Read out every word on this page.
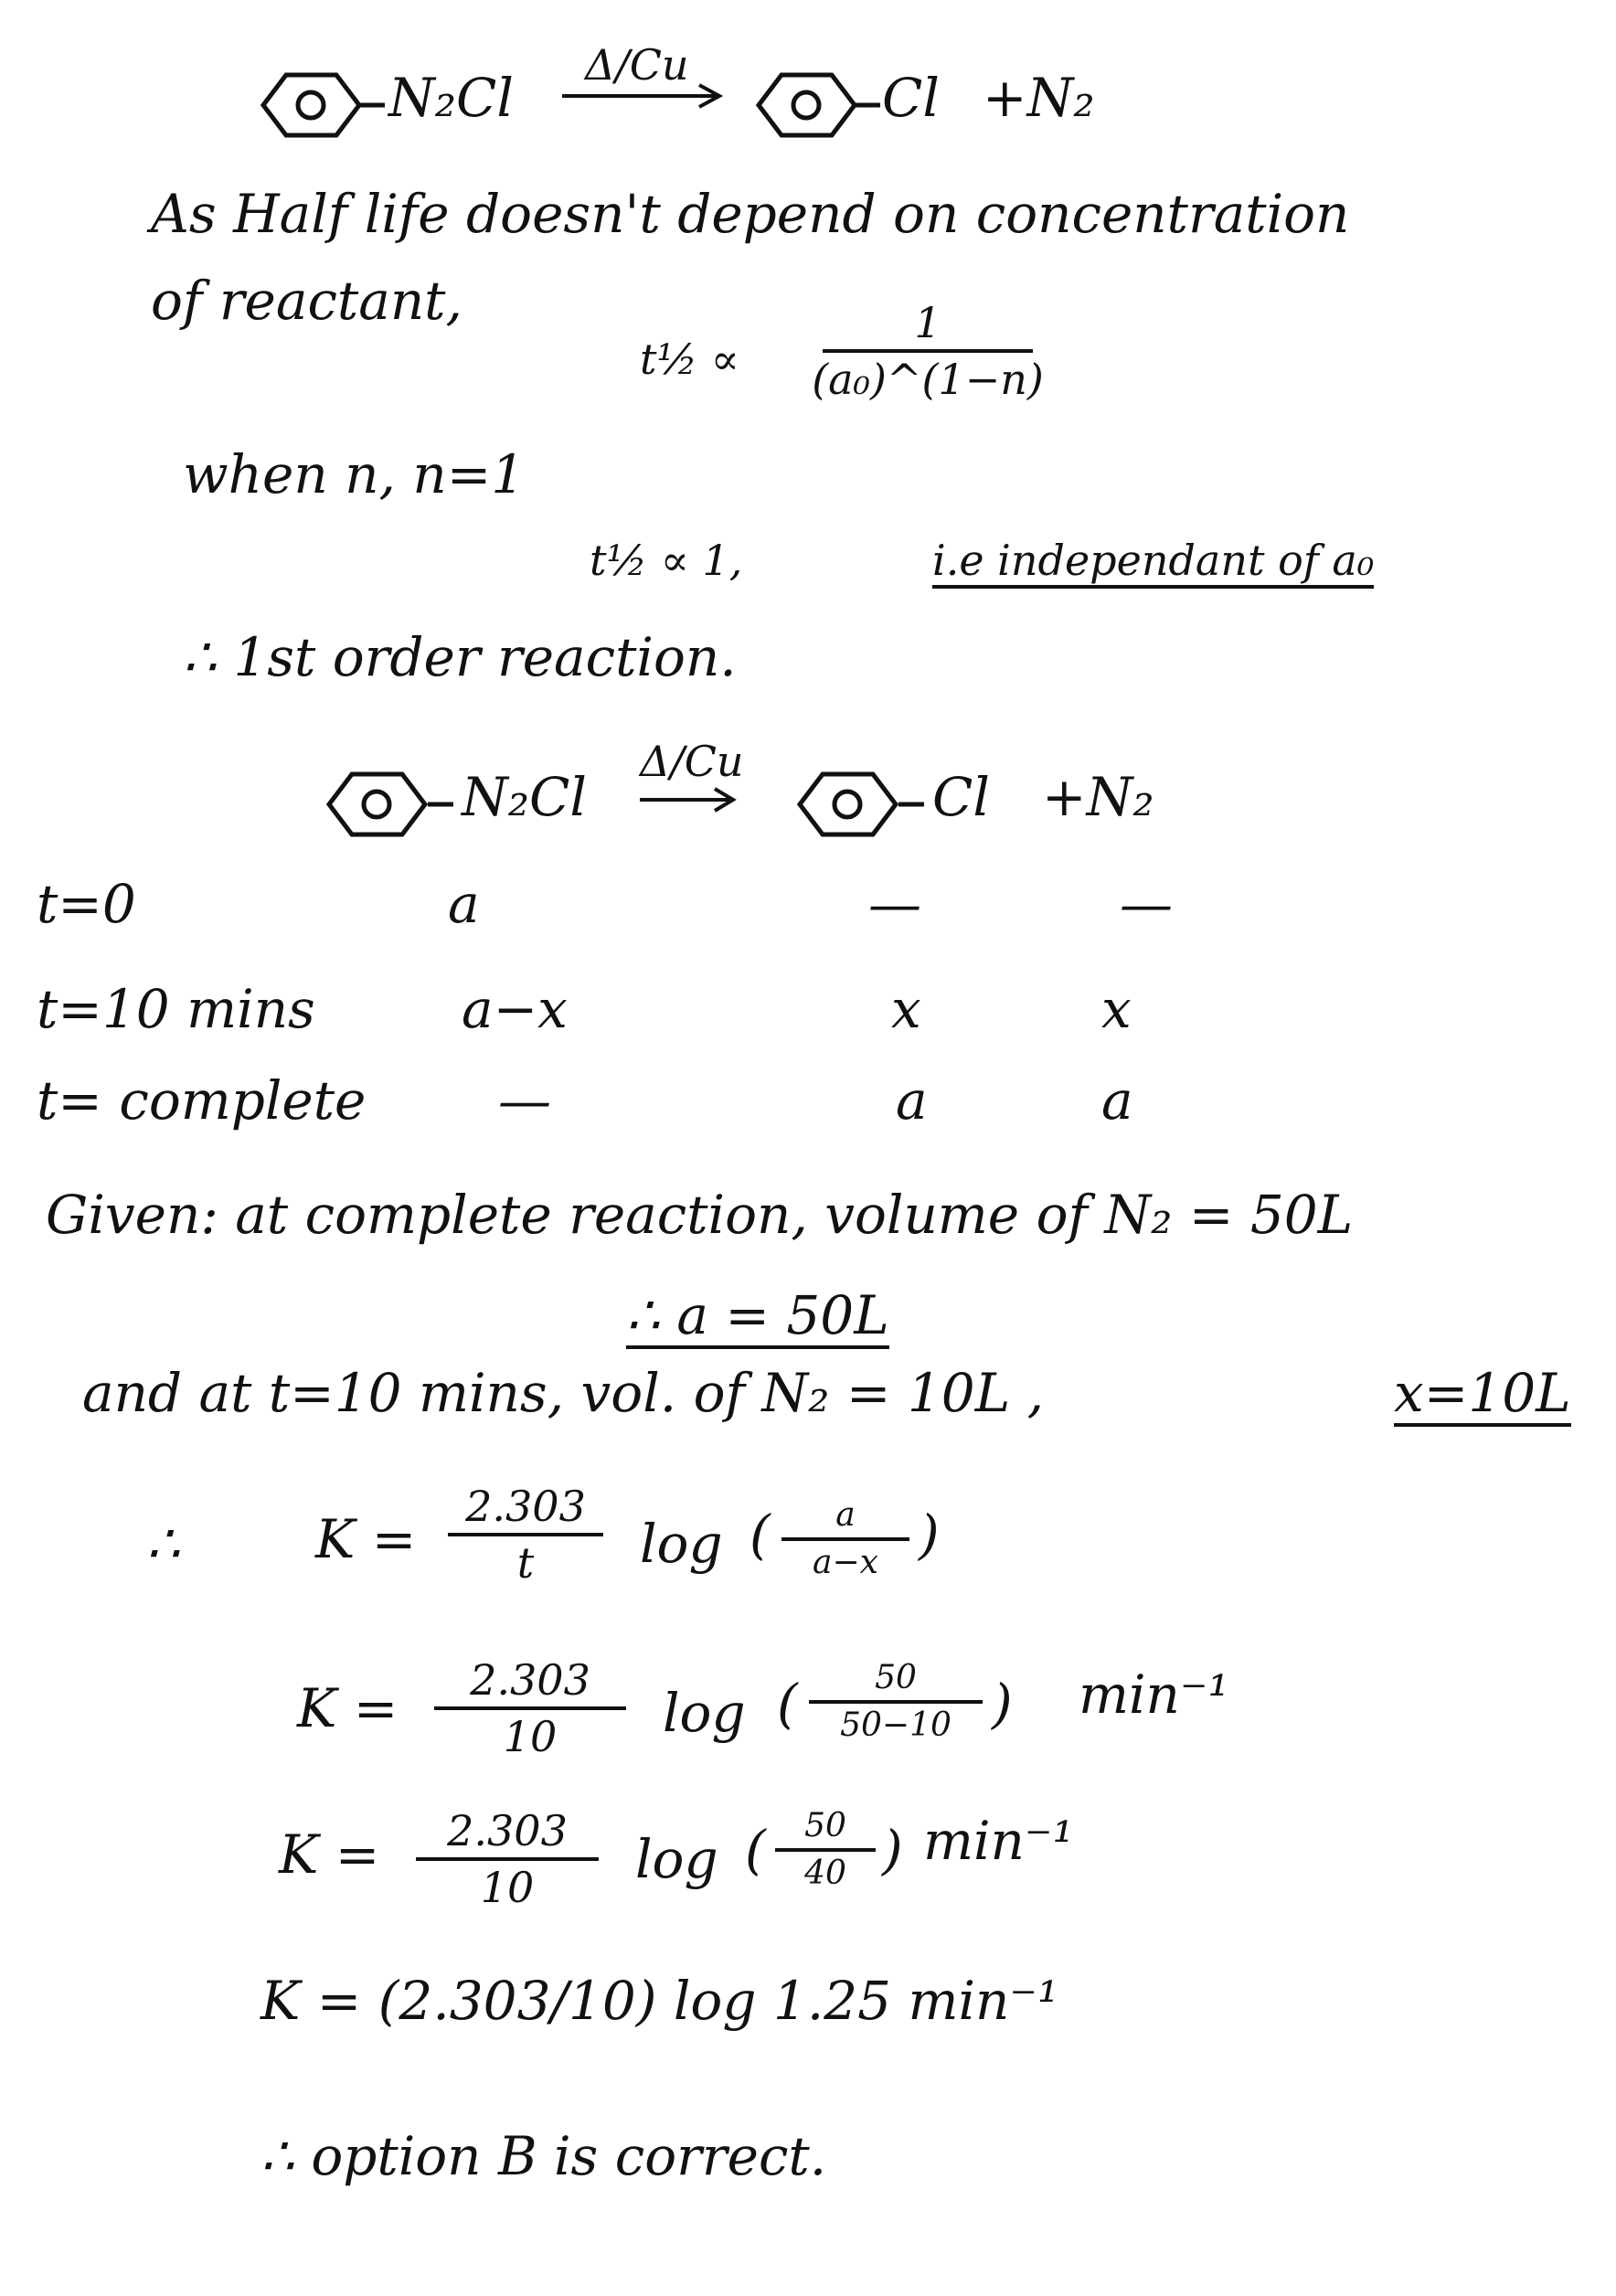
N₂Cl
Δ/Cu
Cl +N₂
As Half life doesn't depend on concentration
of reactant,
t½ ∝
1
(a₀)^(1−n)
when n, n=1
t½ ∝ 1,	i.e independant of a₀
∴ 1st order reaction.
N₂Cl
Δ/Cu
Cl +N₂
t=0	a	—	—
t=10 mins	a−x	x	x
t= complete —	a	a
Given: at complete reaction, volume of N₂ = 50L
∴ a = 50L
and at t=10 mins, vol. of N₂ = 10L ,	x=10L
∴	K =
2.303
t log ( a
a−x )
K = 2.303
10 log ( 50
50−10 ) min⁻¹
K = 2.303
10 log ( 50
40 ) min⁻¹
K = (2.303/10) log 1.25 min⁻¹
∴ option B is correct.
